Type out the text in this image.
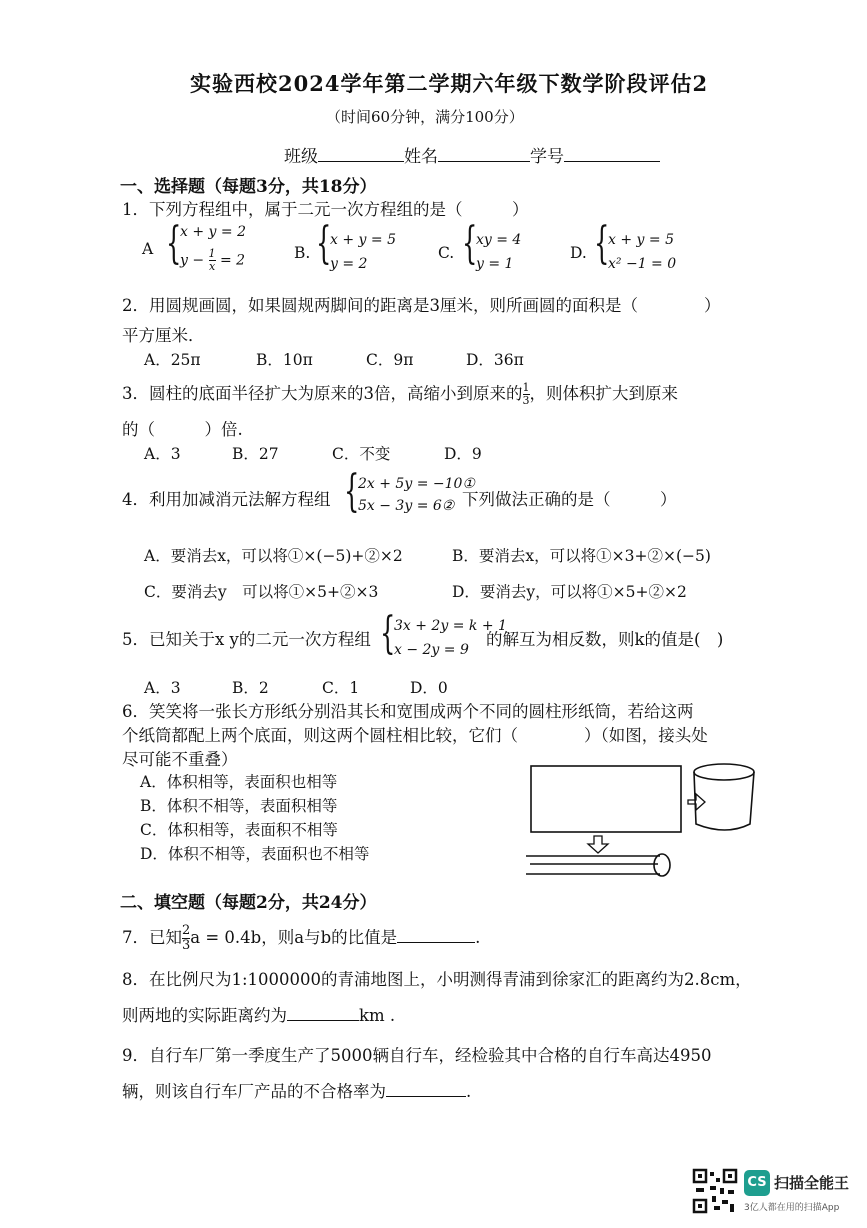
实验西校2024学年第二学期六年级下数学阶段评估2
（时间60分钟，满分100分）
班级	姓名	学号
一、选择题（每题3分，共18分）
1．下列方程组中，属于二元一次方程组的是（　　　）
A {
x + y = 2
$y - \frac{1}{x} = 2$	B. {
x + y = 5
y = 2
C. {
xy = 4
y = 1
D. {
x + y = 5
x² −1 = 0
2．用圆规画圆，如果圆规两脚间的距离是3厘米，则所画圆的面积是（　　　　）
平方厘米．
A．25π	B．10π	C．9π	D．36π
3．圆柱的底面半径扩大为原来的3倍，高缩小到原来的 $\frac{1}{3}$ ，则体积扩大到原来
的（　　　）倍.
A．3	B．27	C．不变	D．9
4．利用加减消元法解方程组 {
2x + 5y = −10①
5x − 3y = 6② 下列做法正确的是（　　　）
A．要消去x，可以将①×(−5)+②×2	B．要消去x，可以将①×3+②×(−5)
C．要消去y　可以将①×5+②×3	D．要消去y，可以将①×5+②×2
5．已知关于x y的二元一次方程组 {
3x + 2y = k + 1
x − 2y = 9
的解互为相反数，则k的值是(　)
A．3	B．2	C．1	D．0
6．笑笑将一张长方形纸分别沿其长和宽围成两个不同的圆柱形纸筒，若给这两
个纸筒都配上两个底面，则这两个圆柱相比较，它们（　　　　）（如图，接头处
尽可能不重叠）
A．体积相等，表面积也相等
B．体积不相等，表面积相等
C．体积相等，表面积不相等
D．体积不相等，表面积也不相等
二、填空题（每题2分，共24分）
7．已知 $\frac{2}{3}$ a = 0.4b，则a与b的比值是	.
8．在比例尺为1:1000000的青浦地图上，小明测得青浦到徐家汇的距离约为2.8cm，
则两地的实际距离约为	km .
9．自行车厂第一季度生产了5000辆自行车，经检验其中合格的自行车高达4950
辆，则该自行车厂产品的不合格率为	.
CS 扫描全能王
3亿人都在用的扫描App
